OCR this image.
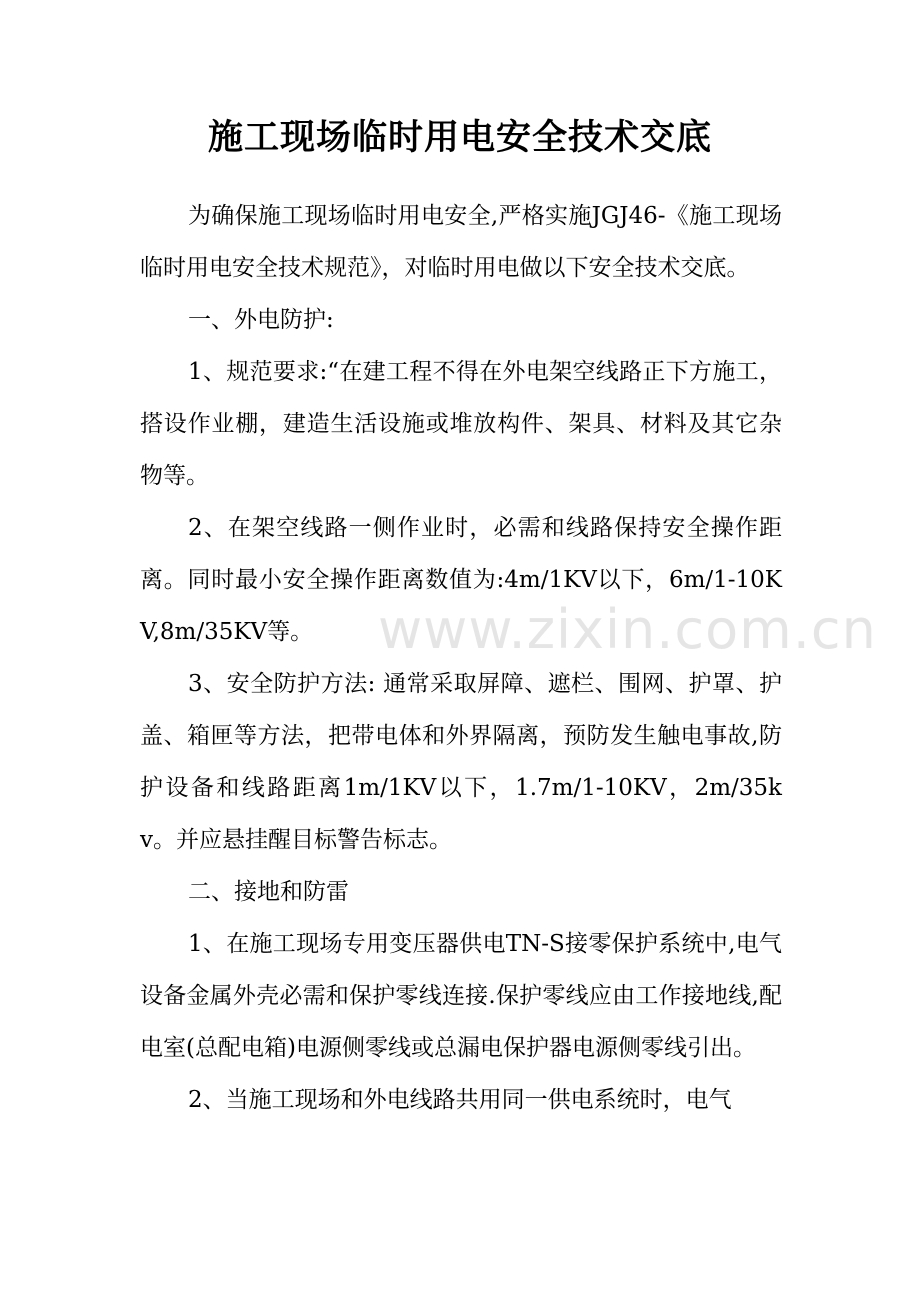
施工现场临时用电安全技术交底

为确保施工现场临时用电安全,严格实施JGJ46-《施工现场临时用电安全技术规范》，对临时用电做以下安全技术交底。

一、外电防护:

1、规范要求:“在建工程不得在外电架空线路正下方施工，搭设作业棚，建造生活设施或堆放构件、架具、材料及其它杂物等。

2、在架空线路一侧作业时，必需和线路保持安全操作距离。同时最小安全操作距离数值为:4m/1KV以下，6m/1-10KV,8m/35KV等。

3、安全防护方法: 通常采取屏障、遮栏、围网、护罩、护盖、箱匣等方法，把带电体和外界隔离，预防发生触电事故,防护设备和线路距离1m/1KV以下，1.7m/1-10KV，2m/35kv。并应悬挂醒目标警告标志。

二、接地和防雷

1、在施工现场专用变压器供电TN-S接零保护系统中,电气设备金属外壳必需和保护零线连接.保护零线应由工作接地线,配电室(总配电箱)电源侧零线或总漏电保护器电源侧零线引出。

2、当施工现场和外电线路共用同一供电系统时，电气

www.zixin.com.cn
